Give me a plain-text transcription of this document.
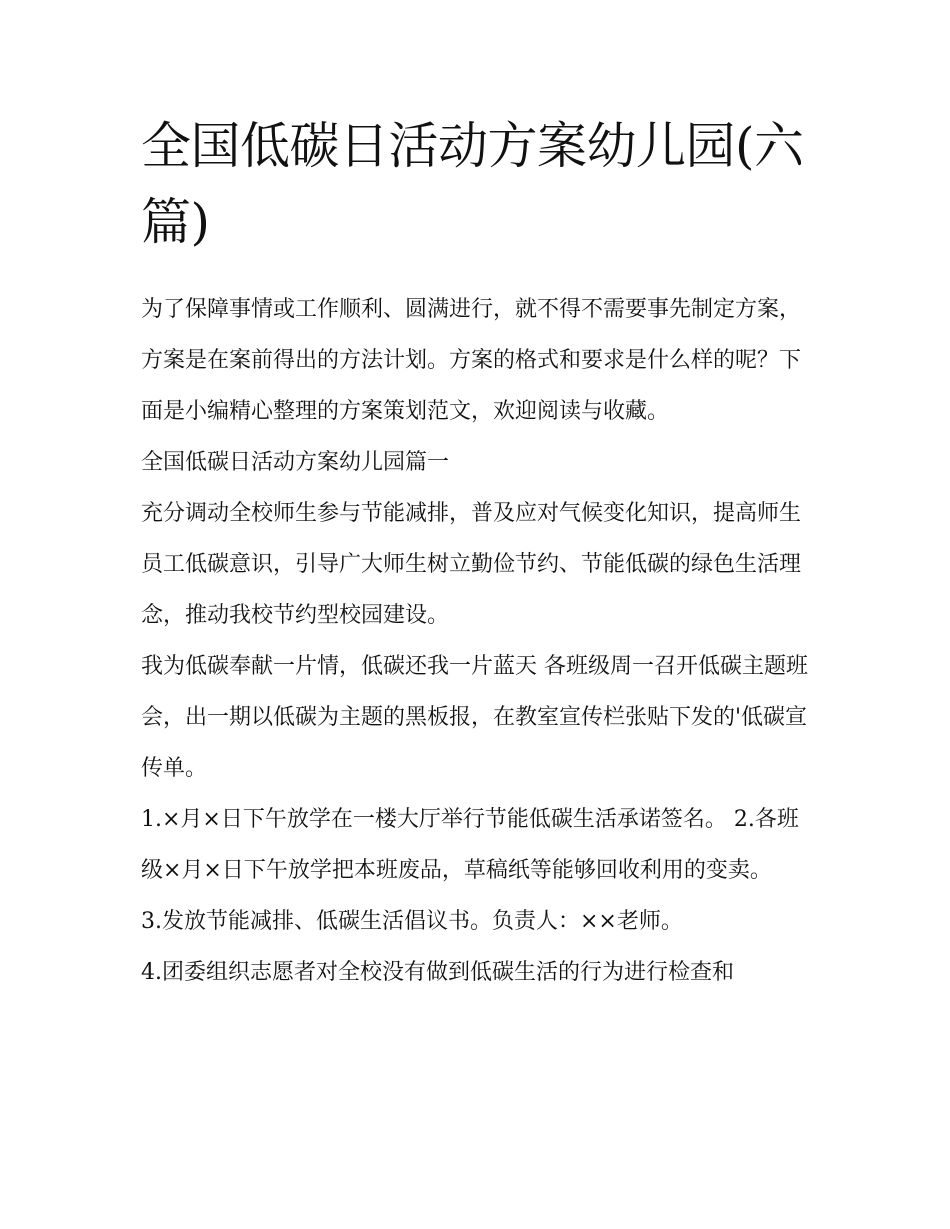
全国低碳日活动方案幼儿园(六篇)

为了保障事情或工作顺利、圆满进行，就不得不需要事先制定方案，方案是在案前得出的方法计划。方案的格式和要求是什么样的呢？下面是小编精心整理的方案策划范文，欢迎阅读与收藏。

全国低碳日活动方案幼儿园篇一

充分调动全校师生参与节能减排，普及应对气候变化知识，提高师生员工低碳意识，引导广大师生树立勤俭节约、节能低碳的绿色生活理念，推动我校节约型校园建设。

我为低碳奉献一片情，低碳还我一片蓝天 各班级周一召开低碳主题班会，出一期以低碳为主题的黑板报，在教室宣传栏张贴下发的'低碳宣传单。

1.×月×日下午放学在一楼大厅举行节能低碳生活承诺签名。 2.各班级×月×日下午放学把本班废品，草稿纸等能够回收利用的变卖。

3.发放节能减排、低碳生活倡议书。负责人：××老师。

4.团委组织志愿者对全校没有做到低碳生活的行为进行检查和
